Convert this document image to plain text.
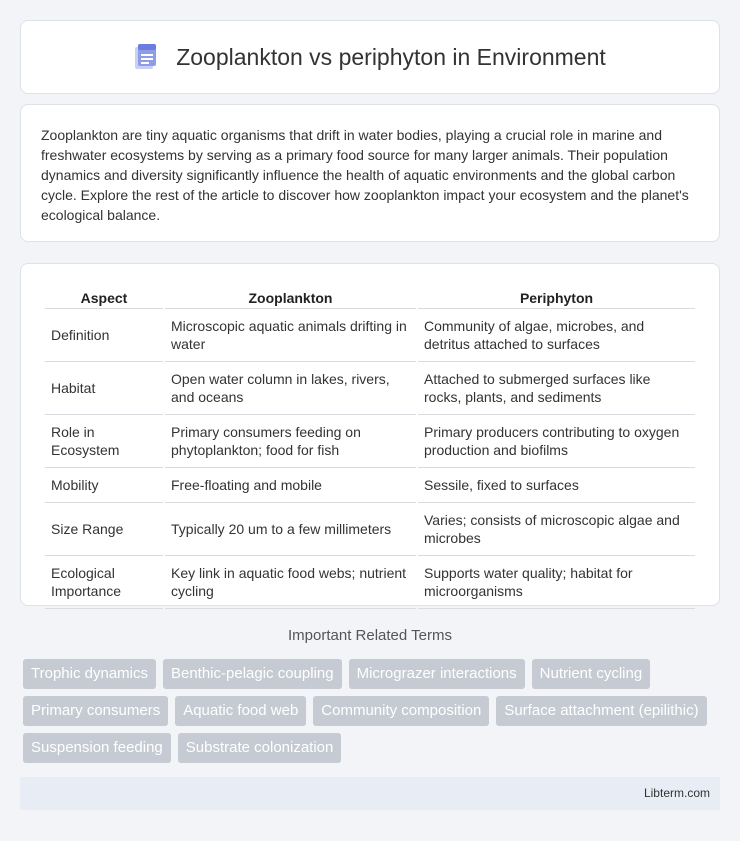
Zooplankton vs periphyton in Environment

Zooplankton are tiny aquatic organisms that drift in water bodies, playing a crucial role in marine and freshwater ecosystems by serving as a primary food source for many larger animals. Their population dynamics and diversity significantly influence the health of aquatic environments and the global carbon cycle. Explore the rest of the article to discover how zooplankton impact your ecosystem and the planet's ecological balance.

Aspect	Zooplankton	Periphyton
Definition	Microscopic aquatic animals drifting in water	Community of algae, microbes, and detritus attached to surfaces
Habitat	Open water column in lakes, rivers, and oceans	Attached to submerged surfaces like rocks, plants, and sediments
Role in Ecosystem	Primary consumers feeding on phytoplankton; food for fish	Primary producers contributing to oxygen production and biofilms
Mobility	Free-floating and mobile	Sessile, fixed to surfaces
Size Range	Typically 20 um to a few millimeters	Varies; consists of microscopic algae and microbes
Ecological Importance	Key link in aquatic food webs; nutrient cycling	Supports water quality; habitat for microorganisms
Important Related Terms
Trophic dynamics	Benthic-pelagic coupling	Micrograzer interactions	Nutrient cycling
Primary consumers	Aquatic food web	Community composition	Surface attachment (epilithic)
Suspension feeding	Substrate colonization
Libterm.com
